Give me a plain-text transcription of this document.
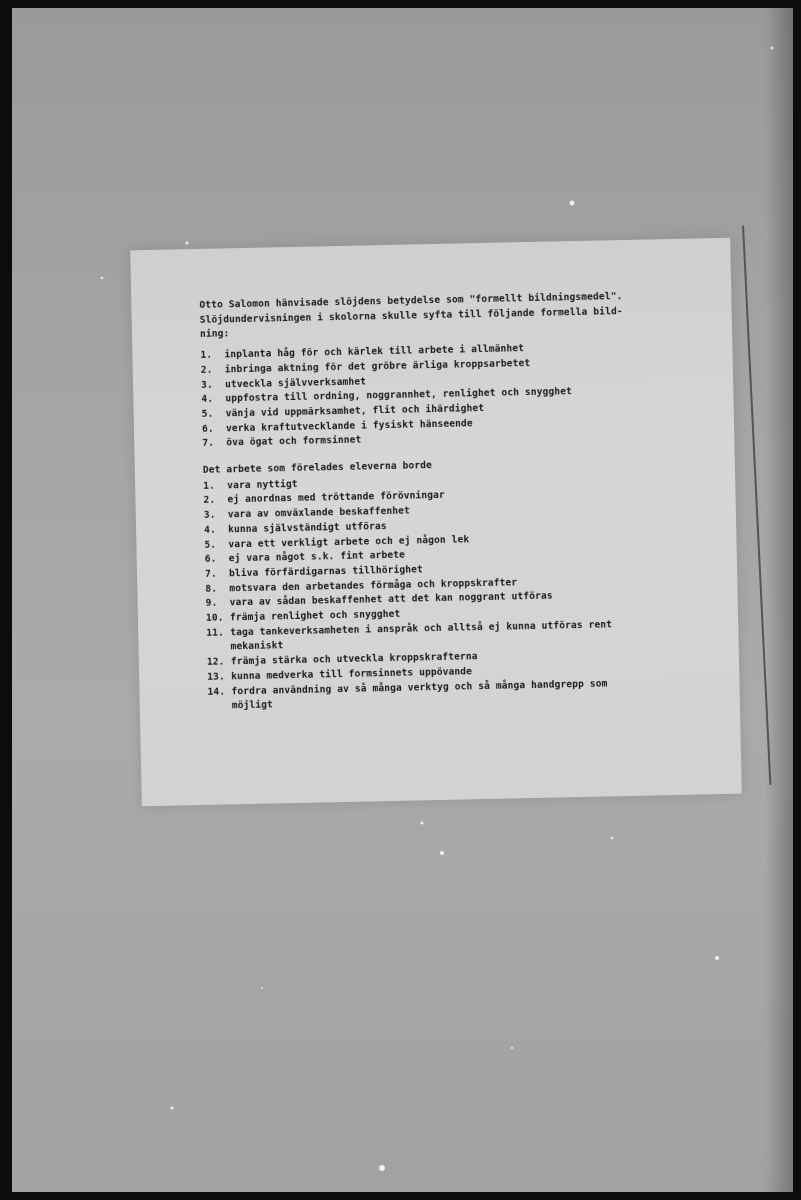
Otto Salomon hänvisade slöjdens betydelse som "formellt bildningsmedel".
Slöjdundervisningen i skolorna skulle syfta till följande formella bild-
ning:
1.	inplanta håg för och kärlek till arbete i allmänhet
2.	inbringa aktning för det gröbre ärliga kroppsarbetet
3.	utveckla självverksamhet
4.	uppfostra till ordning, noggrannhet, renlighet och snygghet
5.	vänja vid uppmärksamhet, flit och ihärdighet
6.	verka kraftutvecklande i fysiskt hänseende
7.	öva ögat och formsinnet
Det arbete som förelades eleverna borde
1.	vara nyttigt
2.	ej anordnas med tröttande förövningar
3.	vara av omväxlande beskaffenhet
4.	kunna självständigt utföras
5.	vara ett verkligt arbete och ej någon lek
6.	ej vara något s.k. fint arbete
7.	bliva förfärdigarnas tillhörighet
8.	motsvara den arbetandes förmåga och kroppskrafter
9.	vara av sådan beskaffenhet att det kan noggrant utföras
10. främja renlighet och snygghet
11. taga tankeverksamheten i anspråk och alltså ej kunna utföras rent mekaniskt
12. främja stärka och utveckla kroppskrafterna
13. kunna medverka till formsinnets uppövande
14. fordra användning av så många verktyg och så många handgrepp som möjligt
